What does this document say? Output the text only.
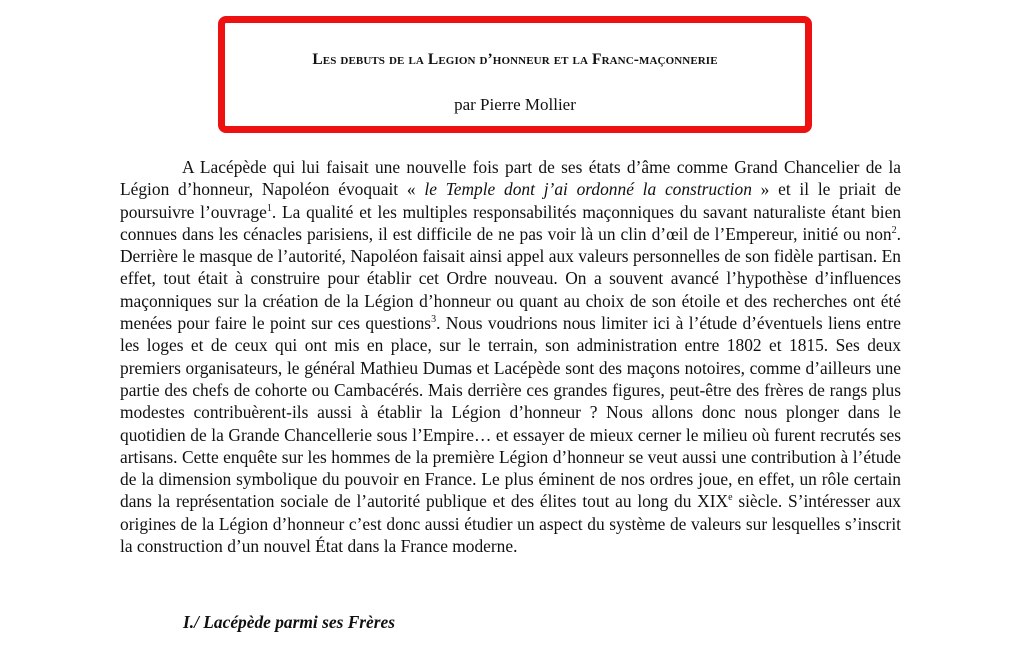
Les debuts de la Legion d’honneur et la Franc-maçonnerie
par Pierre Mollier

A Lacépède qui lui faisait une nouvelle fois part de ses états d’âme comme Grand Chancelier de la Légion d’honneur, Napoléon évoquait « le Temple dont j’ai ordonné la construction » et il le priait de poursuivre l’ouvrage$^1$. La qualité et les multiples responsabilités maçonniques du savant naturaliste étant bien connues dans les cénacles parisiens, il est difficile de ne pas voir là un clin d’œil de l’Empereur, initié ou non$^2$. Derrière le masque de l’autorité, Napoléon faisait ainsi appel aux valeurs personnelles de son fidèle partisan. En effet, tout était à construire pour établir cet Ordre nouveau. On a souvent avancé l’hypothèse d’influences maçonniques sur la création de la Légion d’honneur ou quant au choix de son étoile et des recherches ont été menées pour faire le point sur ces questions$^3$. Nous voudrions nous limiter ici à l’étude d’éventuels liens entre les loges et de ceux qui ont mis en place, sur le terrain, son administration entre 1802 et 1815. Ses deux premiers organisateurs, le général Mathieu Dumas et Lacépède sont des maçons notoires, comme d’ailleurs une partie des chefs de cohorte ou Cambacérés. Mais derrière ces grandes figures, peut-être des frères de rangs plus modestes contribuèrent-ils aussi à établir la Légion d’honneur ? Nous allons donc nous plonger dans le quotidien de la Grande Chancellerie sous l’Empire… et essayer de mieux cerner le milieu où furent recrutés ses artisans. Cette enquête sur les hommes de la première Légion d’honneur se veut aussi une contribution à l’étude de la dimension symbolique du pouvoir en France. Le plus éminent de nos ordres joue, en effet, un rôle certain dans la représentation sociale de l’autorité publique et des élites tout au long du XIXe siècle. S’intéresser aux origines de la Légion d’honneur c’est donc aussi étudier un aspect du système de valeurs sur lesquelles s’inscrit la construction d’un nouvel État dans la France moderne.

I./ Lacépède parmi ses Frères
